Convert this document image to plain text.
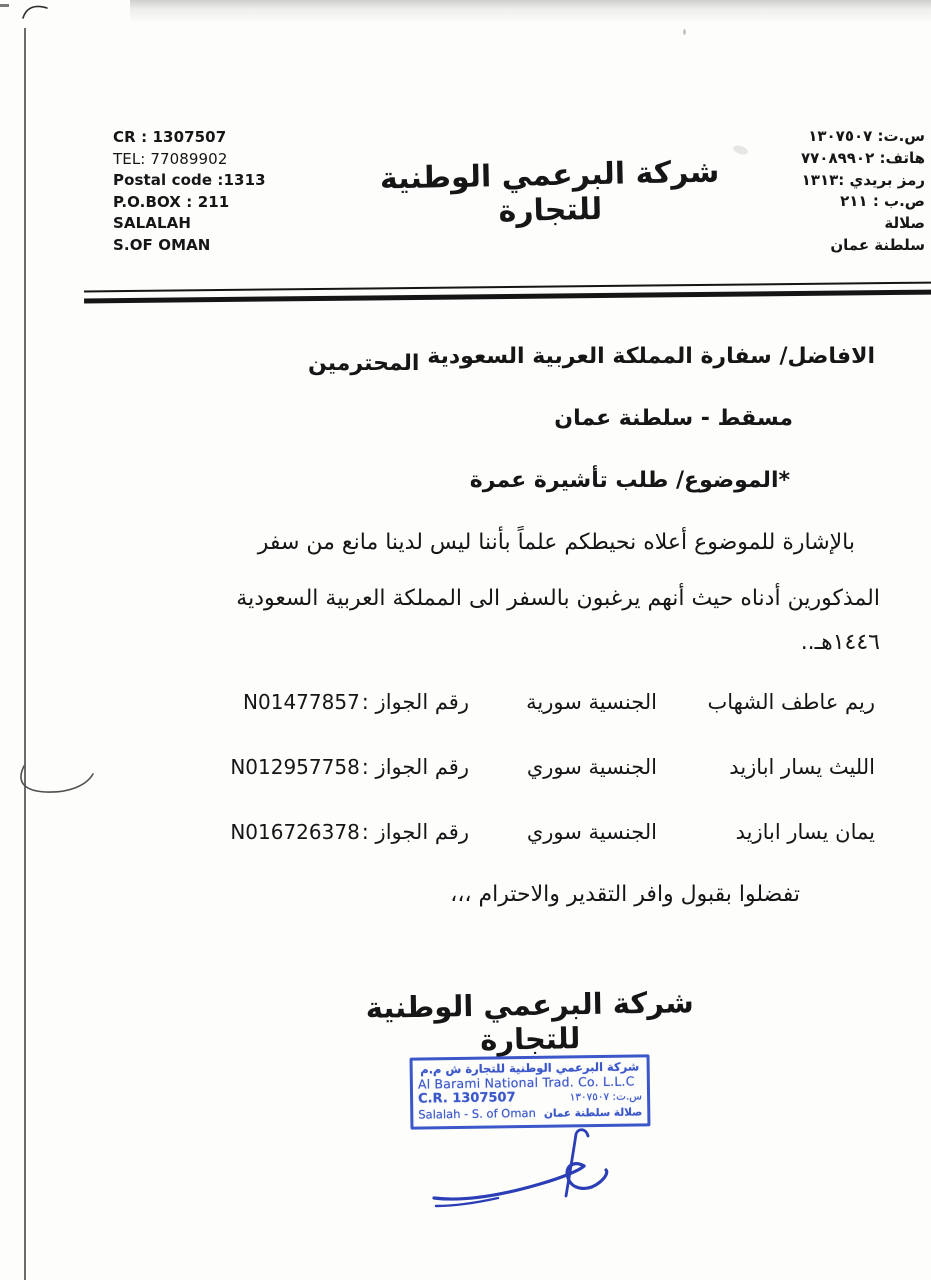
CR : 1307507
TEL: 77089902
Postal code :1313
P.O.BOX : 211
SALALAH
S.OF OMAN
شركة البرعمي الوطنية للتجارة
س.ت: ١٣٠٧٥٠٧
هاتف: ٧٧٠٨٩٩٠٢
رمز بريدي :١٣١٣
ص.ب : ٢١١
صلالة
سلطنة عمان
الافاضل/ سفارة المملكة العربية السعودية
المحترمين
مسقط - سلطنة عمان
*الموضوع/ طلب تأشيرة عمرة
بالإشارة للموضوع أعلاه نحيطكم علماً بأننا ليس لدينا مانع من سفر
المذكورين أدناه حيث أنهم يرغبون بالسفر الى المملكة العربية السعودية
١٤٤٦هـ..
ريم عاطف الشهاب
الجنسية سورية
رقم الجواز :
N01477857
الليث يسار ابازيد
الجنسية سوري
رقم الجواز :
N012957758
يمان يسار ابازيد
الجنسية سوري
رقم الجواز :
N016726378
تفضلوا بقبول وافر التقدير والاحترام ،،،
شركة البرعمي الوطنية للتجارة
شركة البرعمي الوطنية للتجارة ش م.م
Al Barami National Trad. Co. L.L.C
C.R. 1307507	س.ت: ١٣٠٧٥٠٧
Salalah - S. of Oman صلالة سلطنة عمان
